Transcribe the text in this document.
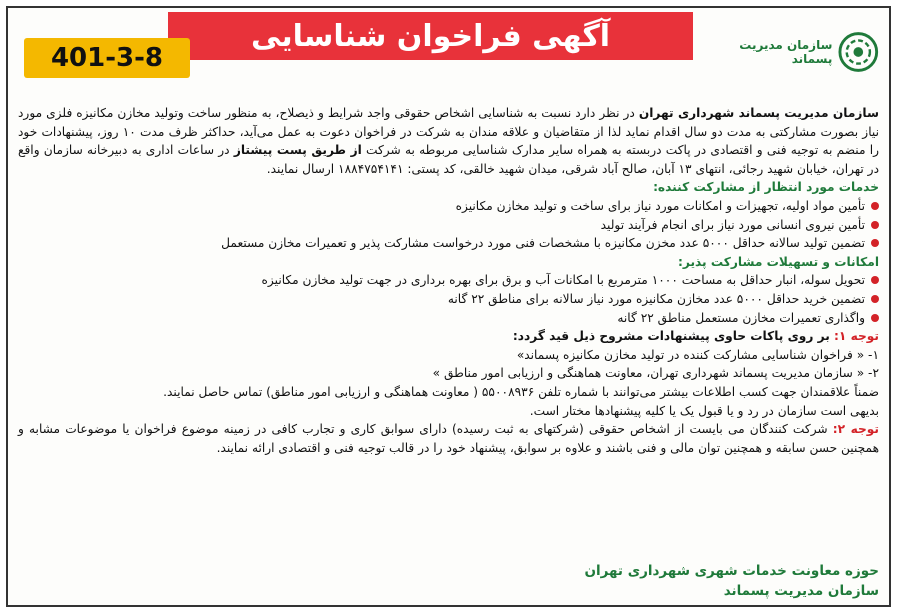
آگهی فراخوان شناسایی
401-3-8	سازمان مدیریت پسماند

سازمان مدیریت پسماند شهرداری تهران در نظر دارد نسبت به شناسایی اشخاص حقوقی واجد شرایط و ذیصلاح، به منظور ساخت وتولید مخازن مکانیزه فلزی مورد نیاز بصورت مشارکتی به مدت دو سال اقدام نماید لذا از متقاضیان و علاقه مندان به شرکت در فراخوان دعوت به عمل می‌آید، حداکثر ظرف مدت ۱۰ روز، پیشنهادات خود را منضم به توجیه فنی و اقتصادی در پاکت دربسته به همراه سایر مدارک شناسایی مربوطه به شرکت از طریق پست پیشتاز در ساعات اداری به دبیرخانه سازمان واقع در تهران، خیابان شهید رجائی، انتهای ۱۳ آبان، صالح آباد شرقی، میدان شهید خالقی، کد پستی: ۱۸۸۴۷۵۴۱۴۱ ارسال نمایند.

خدمات مورد انتظار از مشارکت کننده:

تأمین مواد اولیه، تجهیزات و امکانات مورد نیاز برای ساخت و تولید مخازن مکانیزه

تأمین نیروی انسانی مورد نیاز برای انجام فرآیند تولید

تضمین تولید سالانه حداقل ۵۰۰۰ عدد مخزن مکانیزه با مشخصات فنی مورد درخواست مشارکت پذیر و تعمیرات مخازن مستعمل

امکانات و تسهیلات مشارکت پذیر:

تحویل سوله، انبار حداقل به مساحت ۱۰۰۰ مترمربع با امکانات آب و برق برای بهره برداری در جهت تولید مخازن مکانیزه

تضمین خرید حداقل ۵۰۰۰ عدد مخازن مکانیزه مورد نیاز سالانه برای مناطق ۲۲ گانه

واگذاری تعمیرات مخازن مستعمل مناطق ۲۲ گانه

توجه ۱: بر روی پاکات حاوی پیشنهادات مشروح ذیل قید گردد:

۱- « فراخوان شناسایی مشارکت کننده در تولید مخازن مکانیزه پسماند»

۲- « سازمان مدیریت پسماند شهرداری تهران، معاونت هماهنگی و ارزیابی امور مناطق »

ضمناً علاقمندان جهت کسب اطلاعات بیشتر می‌توانند با شماره تلفن ۵۵۰۰۸۹۳۶ ( معاونت هماهنگی و ارزیابی امور مناطق) تماس حاصل نمایند.

بدیهی است سازمان در رد و یا قبول یک یا کلیه پیشنهادها مختار است.

توجه ۲: شرکت کنندگان می بایست از اشخاص حقوقی (شرکتهای به ثبت رسیده) دارای سوابق کاری و تجارب کافی در زمینه موضوع فراخوان یا موضوعات مشابه و همچنین حسن سابقه و همچنین توان مالی و فنی باشند و علاوه بر سوابق، پیشنهاد خود را در قالب توجیه فنی و اقتصادی ارائه نمایند.

حوزه معاونت خدمات شهری شهرداری تهران
سازمان مدیریت پسماند
